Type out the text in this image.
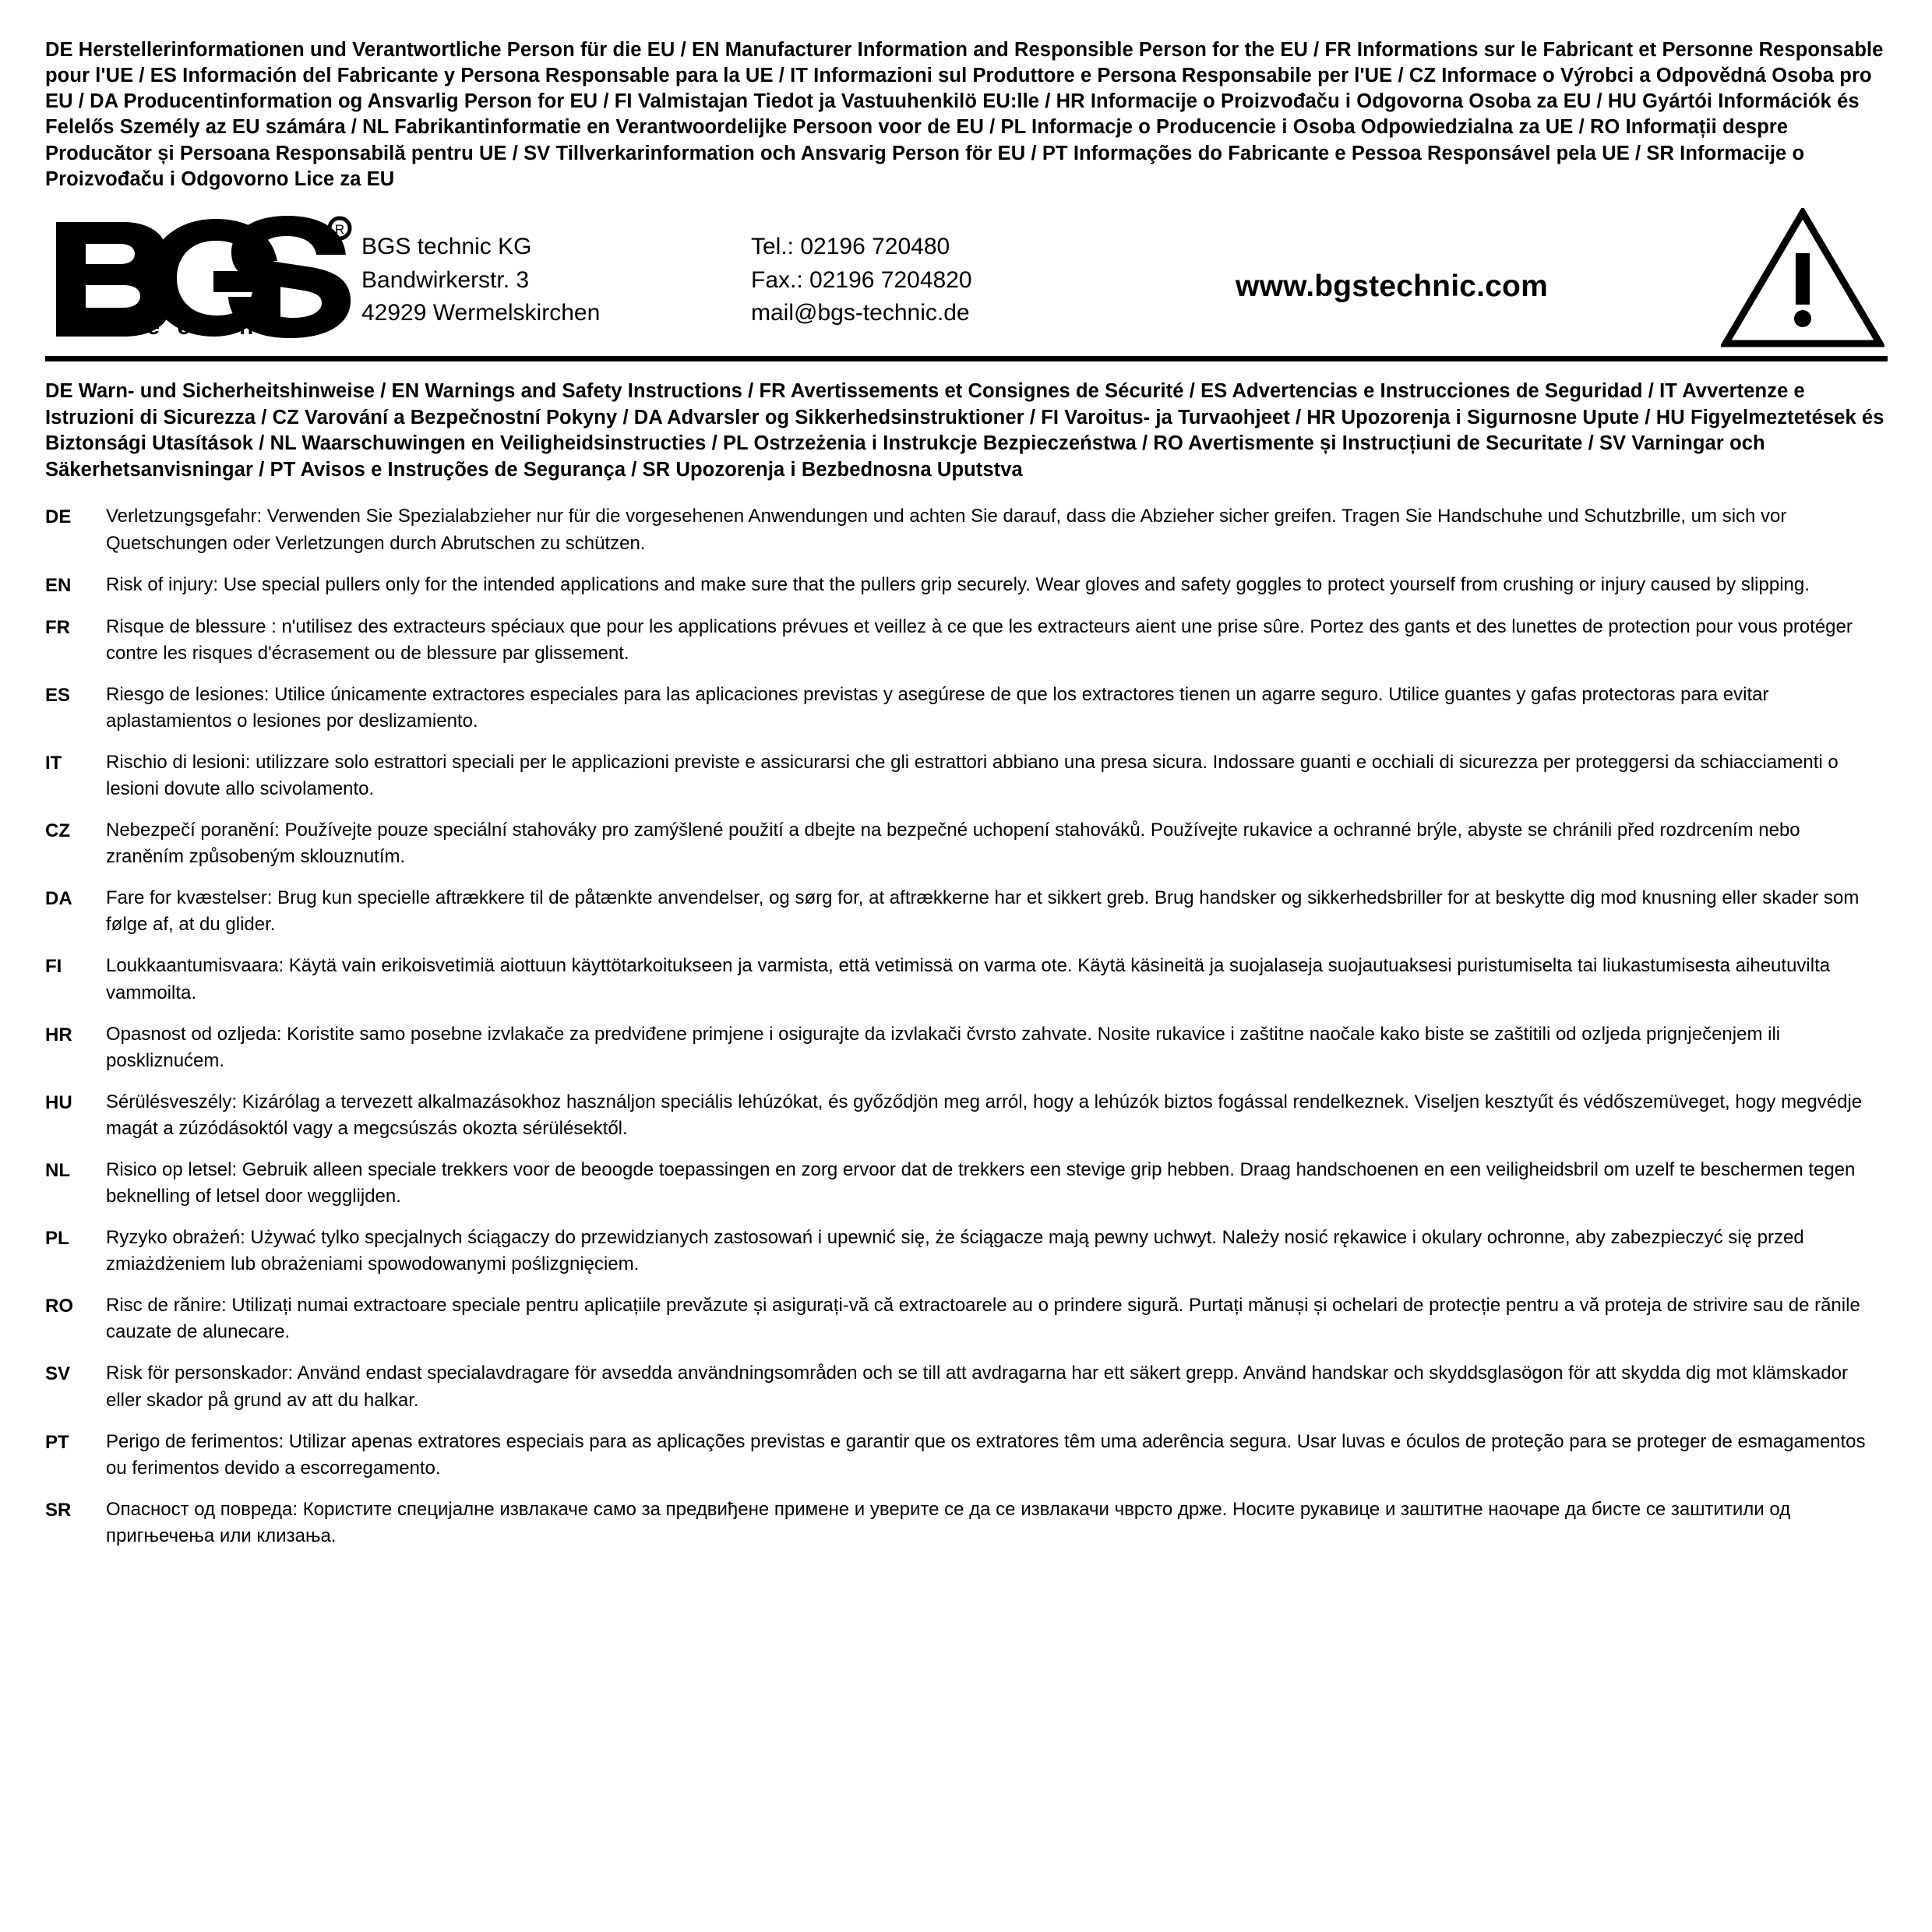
DE Herstellerinformationen und Verantwortliche Person für die EU / EN Manufacturer Information and Responsible Person for the EU / FR Informations sur le Fabricant et Personne Responsable pour l'UE / ES Información del Fabricante y Persona Responsable para la UE / IT Informazioni sul Produttore e Persona Responsabile per l'UE / CZ Informace o Výrobci a Odpovědná Osoba pro EU / DA Producentinformation og Ansvarlig Person for EU / FI Valmistajan Tiedot ja Vastuuhenkilö EU:lle / HR Informacije o Proizvođaču i Odgovorna Osoba za EU / HU Gyártói Információk és Felelős Személy az EU számára / NL Fabrikantinformatie en Verantwoordelijke Persoon voor de EU / PL Informacje o Producencie i Osoba Odpowiedzialna za UE / RO Informații despre Producător și Persoana Responsabilă pentru UE / SV Tillverkarinformation och Ansvarig Person för EU / PT Informações do Fabricante e Pessoa Responsável pela UE / SR Informacije o Proizvođaču i Odgovorno Lice za EU
R
t e c h n i c
BGS technic KG
Bandwirkerstr. 3
42929 Wermelskirchen
Tel.: 02196 720480
Fax.: 02196 7204820
mail@bgs-technic.de
www.bgstechnic.com
DE Warn- und Sicherheitshinweise / EN Warnings and Safety Instructions / FR Avertissements et Consignes de Sécurité / ES Advertencias e Instrucciones de Seguridad / IT Avvertenze e Istruzioni di Sicurezza / CZ Varování a Bezpečnostní Pokyny / DA Advarsler og Sikkerhedsinstruktioner / FI Varoitus- ja Turvaohjeet / HR Upozorenja i Sigurnosne Upute / HU Figyelmeztetések és Biztonsági Utasítások / NL Waarschuwingen en Veiligheidsinstructies / PL Ostrzeżenia i Instrukcje Bezpieczeństwa / RO Avertismente și Instrucțiuni de Securitate / SV Varningar och Säkerhetsanvisningar / PT Avisos e Instruções de Segurança / SR Upozorenja i Bezbednosna Uputstva
DE	Verletzungsgefahr: Verwenden Sie Spezialabzieher nur für die vorgesehenen Anwendungen und achten Sie darauf, dass die Abzieher sicher greifen. Tragen Sie Handschuhe und Schutzbrille, um sich vor Quetschungen oder Verletzungen durch Abrutschen zu schützen.
EN	Risk of injury: Use special pullers only for the intended applications and make sure that the pullers grip securely. Wear gloves and safety goggles to protect yourself from crushing or injury caused by slipping.
FR	Risque de blessure : n'utilisez des extracteurs spéciaux que pour les applications prévues et veillez à ce que les extracteurs aient une prise sûre. Portez des gants et des lunettes de protection pour vous protéger contre les risques d'écrasement ou de blessure par glissement.
ES	Riesgo de lesiones: Utilice únicamente extractores especiales para las aplicaciones previstas y asegúrese de que los extractores tienen un agarre seguro. Utilice guantes y gafas protectoras para evitar aplastamientos o lesiones por deslizamiento.
IT	Rischio di lesioni: utilizzare solo estrattori speciali per le applicazioni previste e assicurarsi che gli estrattori abbiano una presa sicura. Indossare guanti e occhiali di sicurezza per proteggersi da schiacciamenti o lesioni dovute allo scivolamento.
CZ	Nebezpečí poranění: Používejte pouze speciální stahováky pro zamýšlené použití a dbejte na bezpečné uchopení stahováků. Používejte rukavice a ochranné brýle, abyste se chránili před rozdrcením nebo zraněním způsobeným sklouznutím.
DA	Fare for kvæstelser: Brug kun specielle aftrækkere til de påtænkte anvendelser, og sørg for, at aftrækkerne har et sikkert greb. Brug handsker og sikkerhedsbriller for at beskytte dig mod knusning eller skader som følge af, at du glider.
FI	Loukkaantumisvaara: Käytä vain erikoisvetimiä aiottuun käyttötarkoitukseen ja varmista, että vetimissä on varma ote. Käytä käsineitä ja suojalaseja suojautuaksesi puristumiselta tai liukastumisesta aiheutuvilta vammoilta.
HR	Opasnost od ozljeda: Koristite samo posebne izvlakače za predviđene primjene i osigurajte da izvlakači čvrsto zahvate. Nosite rukavice i zaštitne naočale kako biste se zaštitili od ozljeda prignječenjem ili poskliznućem.
HU	Sérülésveszély: Kizárólag a tervezett alkalmazásokhoz használjon speciális lehúzókat, és győződjön meg arról, hogy a lehúzók biztos fogással rendelkeznek. Viseljen kesztyűt és védőszemüveget, hogy megvédje magát a zúzódásoktól vagy a megcsúszás okozta sérülésektől.
NL	Risico op letsel: Gebruik alleen speciale trekkers voor de beoogde toepassingen en zorg ervoor dat de trekkers een stevige grip hebben. Draag handschoenen en een veiligheidsbril om uzelf te beschermen tegen beknelling of letsel door wegglijden.
PL	Ryzyko obrażeń: Używać tylko specjalnych ściągaczy do przewidzianych zastosowań i upewnić się, że ściągacze mają pewny uchwyt. Należy nosić rękawice i okulary ochronne, aby zabezpieczyć się przed zmiażdżeniem lub obrażeniami spowodowanymi poślizgnięciem.
RO	Risc de rănire: Utilizați numai extractoare speciale pentru aplicațiile prevăzute și asigurați-vă că extractoarele au o prindere sigură. Purtați mănuși și ochelari de protecție pentru a vă proteja de strivire sau de rănile cauzate de alunecare.
SV	Risk för personskador: Använd endast specialavdragare för avsedda användningsområden och se till att avdragarna har ett säkert grepp. Använd handskar och skyddsglasögon för att skydda dig mot klämskador eller skador på grund av att du halkar.
PT	Perigo de ferimentos: Utilizar apenas extratores especiais para as aplicações previstas e garantir que os extratores têm uma aderência segura. Usar luvas e óculos de proteção para se proteger de esmagamentos ou ferimentos devido a escorregamento.
SR	Опасност од повреда: Користите специјалне извлакаче само за предвиђене примене и уверите се да се извлакачи чврсто држе. Носите рукавице и заштитне наочаре да бисте се заштитили од пригњечења или клизања.
